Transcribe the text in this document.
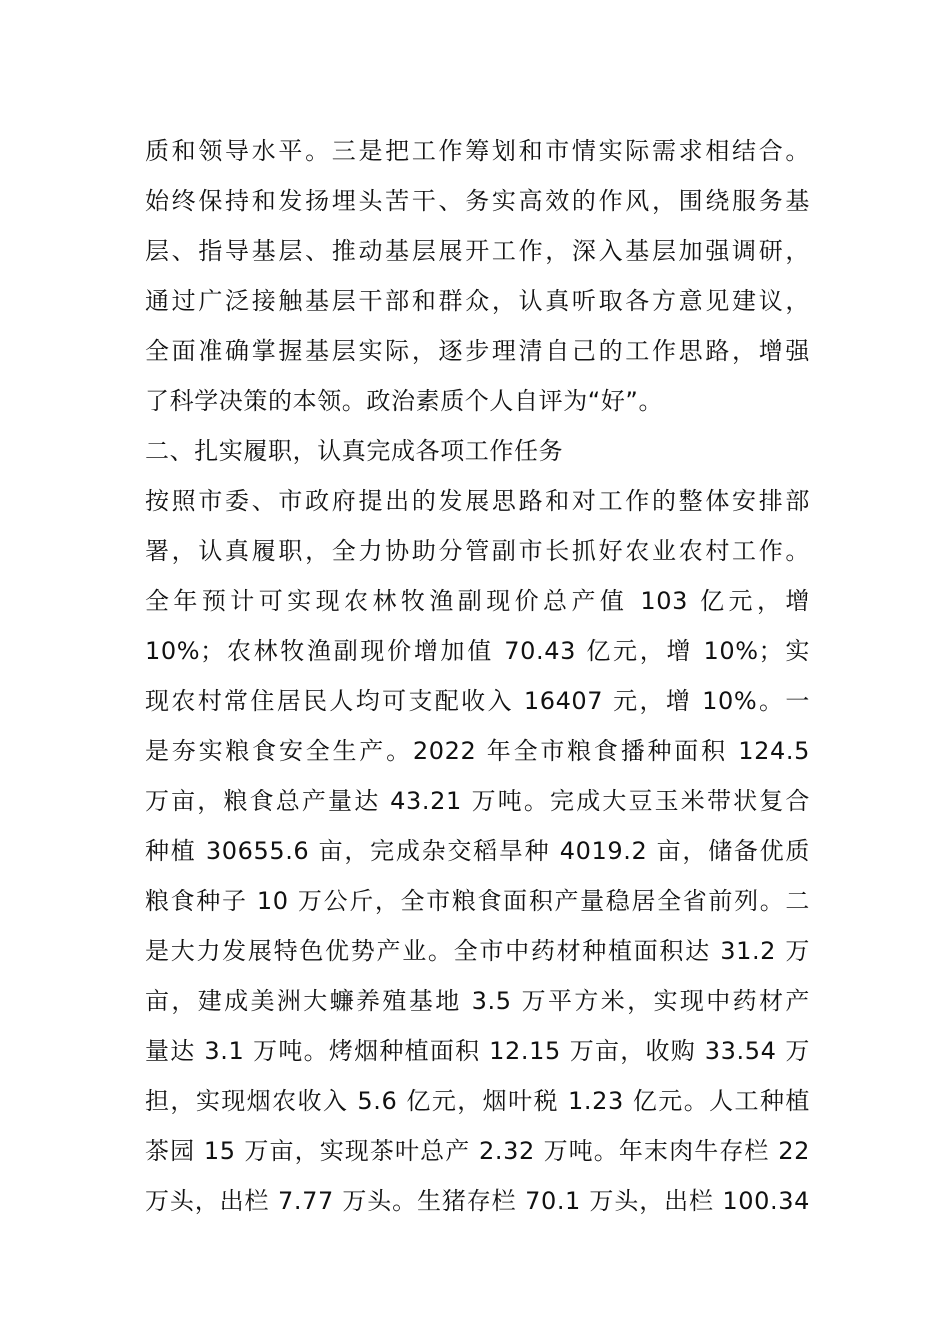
质和领导水平。三是把工作筹划和市情实际需求相结合。
始终保持和发扬埋头苦干、务实高效的作风，围绕服务基
层、指导基层、推动基层展开工作，深入基层加强调研，
通过广泛接触基层干部和群众，认真听取各方意见建议，
全面准确掌握基层实际，逐步理清自己的工作思路，增强
了科学决策的本领。政治素质个人自评为“好”。
二、扎实履职，认真完成各项工作任务
按照市委、市政府提出的发展思路和对工作的整体安排部
署，认真履职，全力协助分管副市长抓好农业农村工作。
全年预计可实现农林牧渔副现价总产值 103 亿元，增
10%；农林牧渔副现价增加值 70.43 亿元，增 10%；实
现农村常住居民人均可支配收入 16407 元，增 10%。一
是夯实粮食安全生产。2022 年全市粮食播种面积 124.5
万亩，粮食总产量达 43.21 万吨。完成大豆玉米带状复合
种植 30655.6 亩，完成杂交稻旱种 4019.2 亩，储备优质
粮食种子 10 万公斤，全市粮食面积产量稳居全省前列。二
是大力发展特色优势产业。全市中药材种植面积达 31.2 万
亩，建成美洲大蠊养殖基地 3.5 万平方米，实现中药材产
量达 3.1 万吨。烤烟种植面积 12.15 万亩，收购 33.54 万
担，实现烟农收入 5.6 亿元，烟叶税 1.23 亿元。人工种植
茶园 15 万亩，实现茶叶总产 2.32 万吨。年末肉牛存栏 22
万头，出栏 7.77 万头。生猪存栏 70.1 万头，出栏 100.34
